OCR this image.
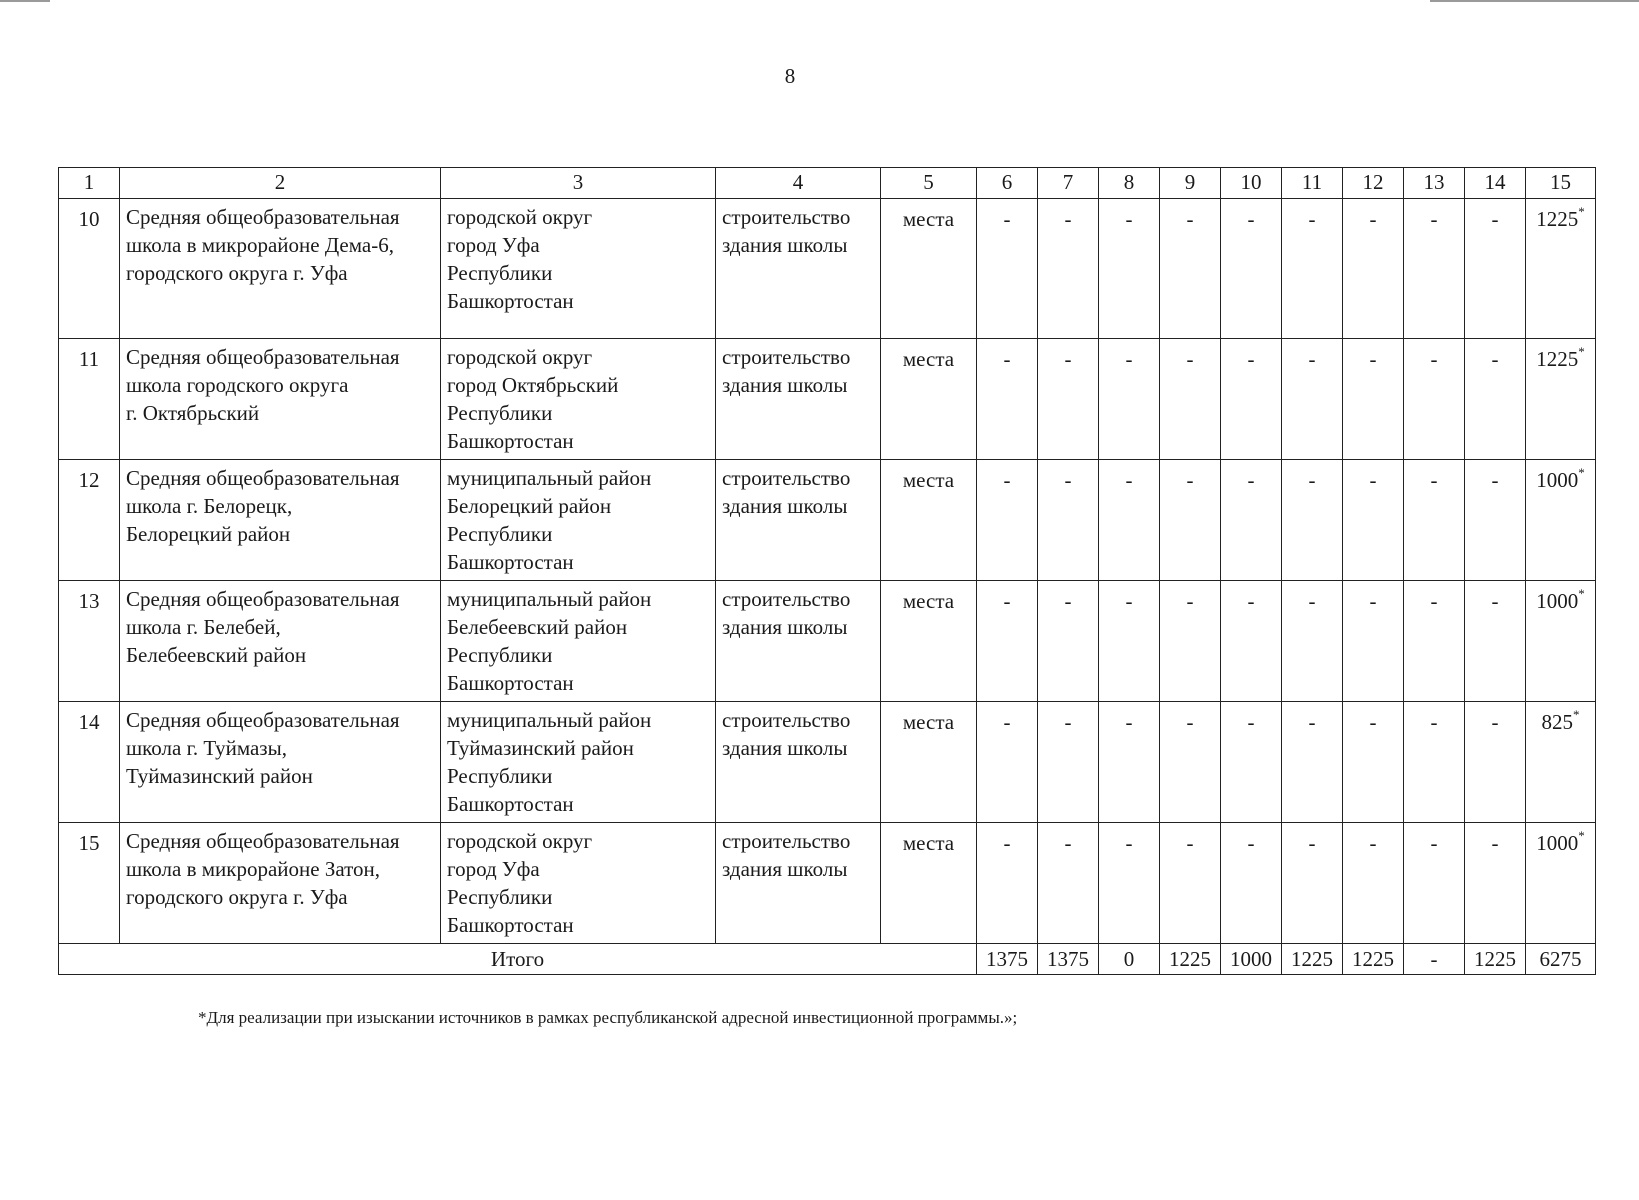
8
1	2	3	4	5	6	7	8	9	10	11	12	13	14	15
10	Средняя общеобразовательная
школа в микрорайоне Дема-6,
городского округа г. Уфа	городской округ
город Уфа
Республики
Башкортостан	строительство
здания школы	места	-	-	-	-	-	-	-	-	-	1225*
11	Средняя общеобразовательная
школа городского округа
г. Октябрьский	городской округ
город Октябрьский
Республики
Башкортостан	строительство
здания школы	места	-	-	-	-	-	-	-	-	-	1225*
12	Средняя общеобразовательная
школа г. Белорецк,
Белорецкий район	муниципальный район
Белорецкий район
Республики
Башкортостан	строительство
здания школы	места	-	-	-	-	-	-	-	-	-	1000*
13	Средняя общеобразовательная
школа г. Белебей,
Белебеевский район	муниципальный район
Белебеевский район
Республики
Башкортостан	строительство
здания школы	места	-	-	-	-	-	-	-	-	-	1000*
14	Средняя общеобразовательная
школа г. Туймазы,
Туймазинский район	муниципальный район
Туймазинский район
Республики
Башкортостан	строительство
здания школы	места	-	-	-	-	-	-	-	-	-	825*
15	Средняя общеобразовательная
школа в микрорайоне Затон,
городского округа г. Уфа	городской округ
город Уфа
Республики
Башкортостан	строительство
здания школы	места	-	-	-	-	-	-	-	-	-	1000*
Итого					1375	1375	0	1225	1000	1225	1225	-	1225	6275
*Для реализации при изыскании источников в рамках республиканской адресной инвестиционной программы.»;
